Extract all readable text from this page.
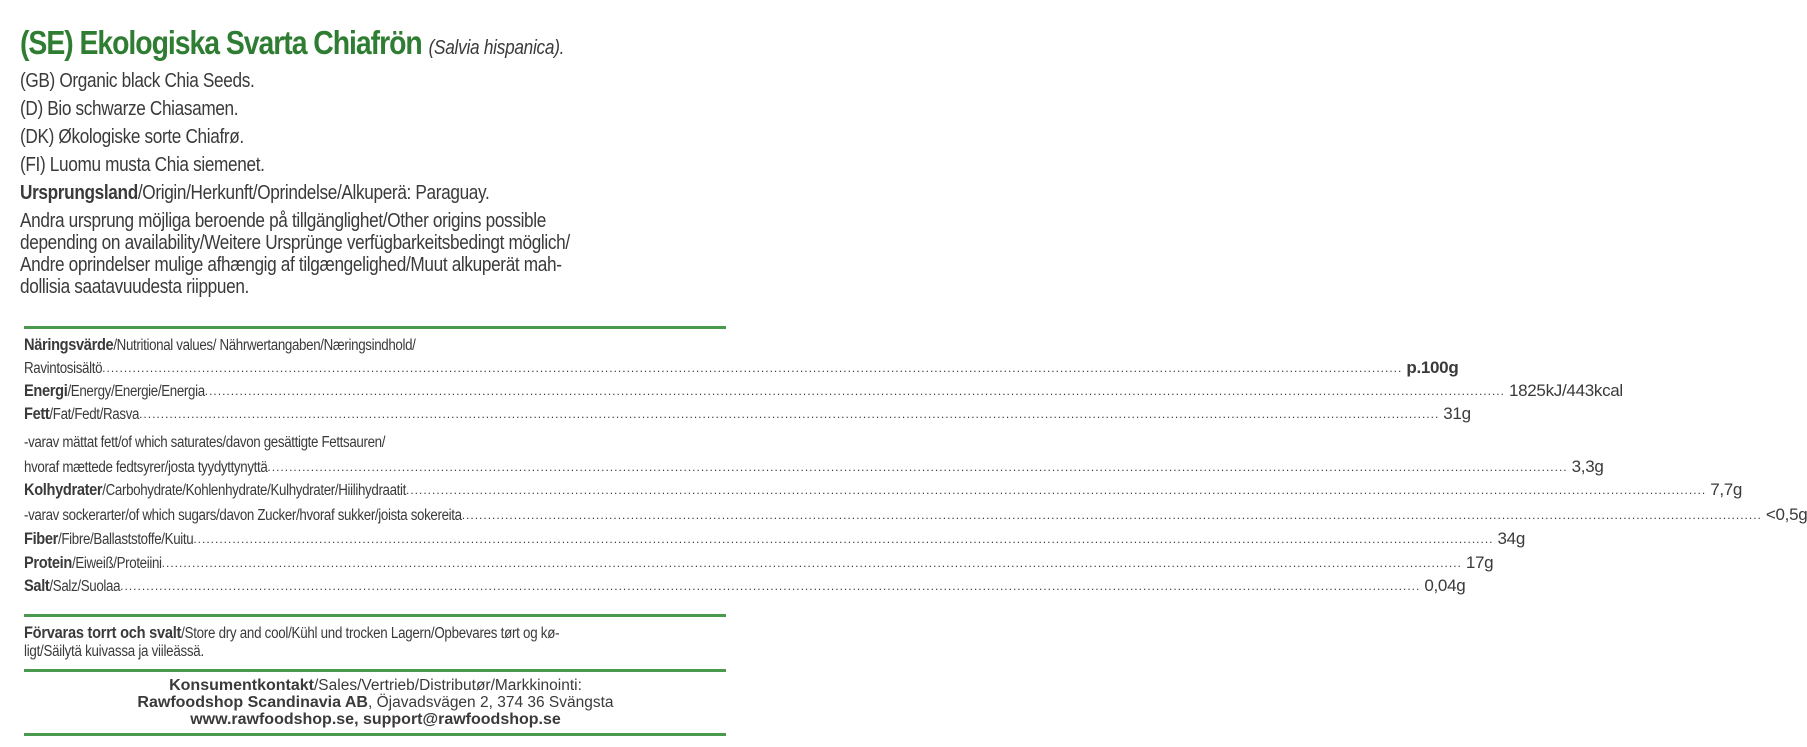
(SE) Ekologiska Svarta Chiafrön (Salvia hispanica).
(GB) Organic black Chia Seeds.
(D) Bio schwarze Chiasamen.
(DK) Økologiske sorte Chiafrø.
(FI) Luomu musta Chia siemenet.
Ursprungsland/Origin/Herkunft/Oprindelse/Alkuperä: Paraguay.
Andra ursprung möjliga beroende på tillgänglighet/Other origins possible
depending on availability/Weitere Ursprünge verfügbarkeitsbedingt möglich/
Andre oprindelser mulige afhængig af tilgængelighed/Muut alkuperät mah-
dollisia saatavuudesta riippuen.
Näringsvärde/Nutritional values/ Nährwertangaben/Næringsindhold/
Ravintosisältö ............................................................................................................................................................................................................................................................................................................ p.100g
Energi/Energy/Energie/Energia ............................................................................................................................................................................................................................................................................................................ 1825kJ/443kcal
Fett/Fat/Fedt/Rasva ............................................................................................................................................................................................................................................................................................................ 31g
-varav mättat fett/of which saturates/davon gesättigte Fettsauren/
hvoraf mættede fedtsyrer/josta tyydyttynyttä ............................................................................................................................................................................................................................................................................................................ 3,3g
Kolhydrater/Carbohydrate/Kohlenhydrate/Kulhydrater/Hiilihydraatit ............................................................................................................................................................................................................................................................................................................ 7,7g
-varav sockerarter/of which sugars/davon Zucker/hvoraf sukker/joista sokereita ............................................................................................................................................................................................................................................................................................................ <0,5g
Fiber/Fibre/Ballaststoffe/Kuitu ............................................................................................................................................................................................................................................................................................................ 34g
Protein/Eiweiß/Proteiini ............................................................................................................................................................................................................................................................................................................ 17g
Salt/Salz/Suolaa ............................................................................................................................................................................................................................................................................................................ 0,04g
Förvaras torrt och svalt/Store dry and cool/Kühl und trocken Lagern/Opbevares tørt og kø-
ligt/Säilytä kuivassa ja viileässä.
Konsumentkontakt/Sales/Vertrieb/Distributør/Markkinointi:
Rawfoodshop Scandinavia AB, Öjavadsvägen 2, 374 36 Svängsta
www.rawfoodshop.se, support@rawfoodshop.se
